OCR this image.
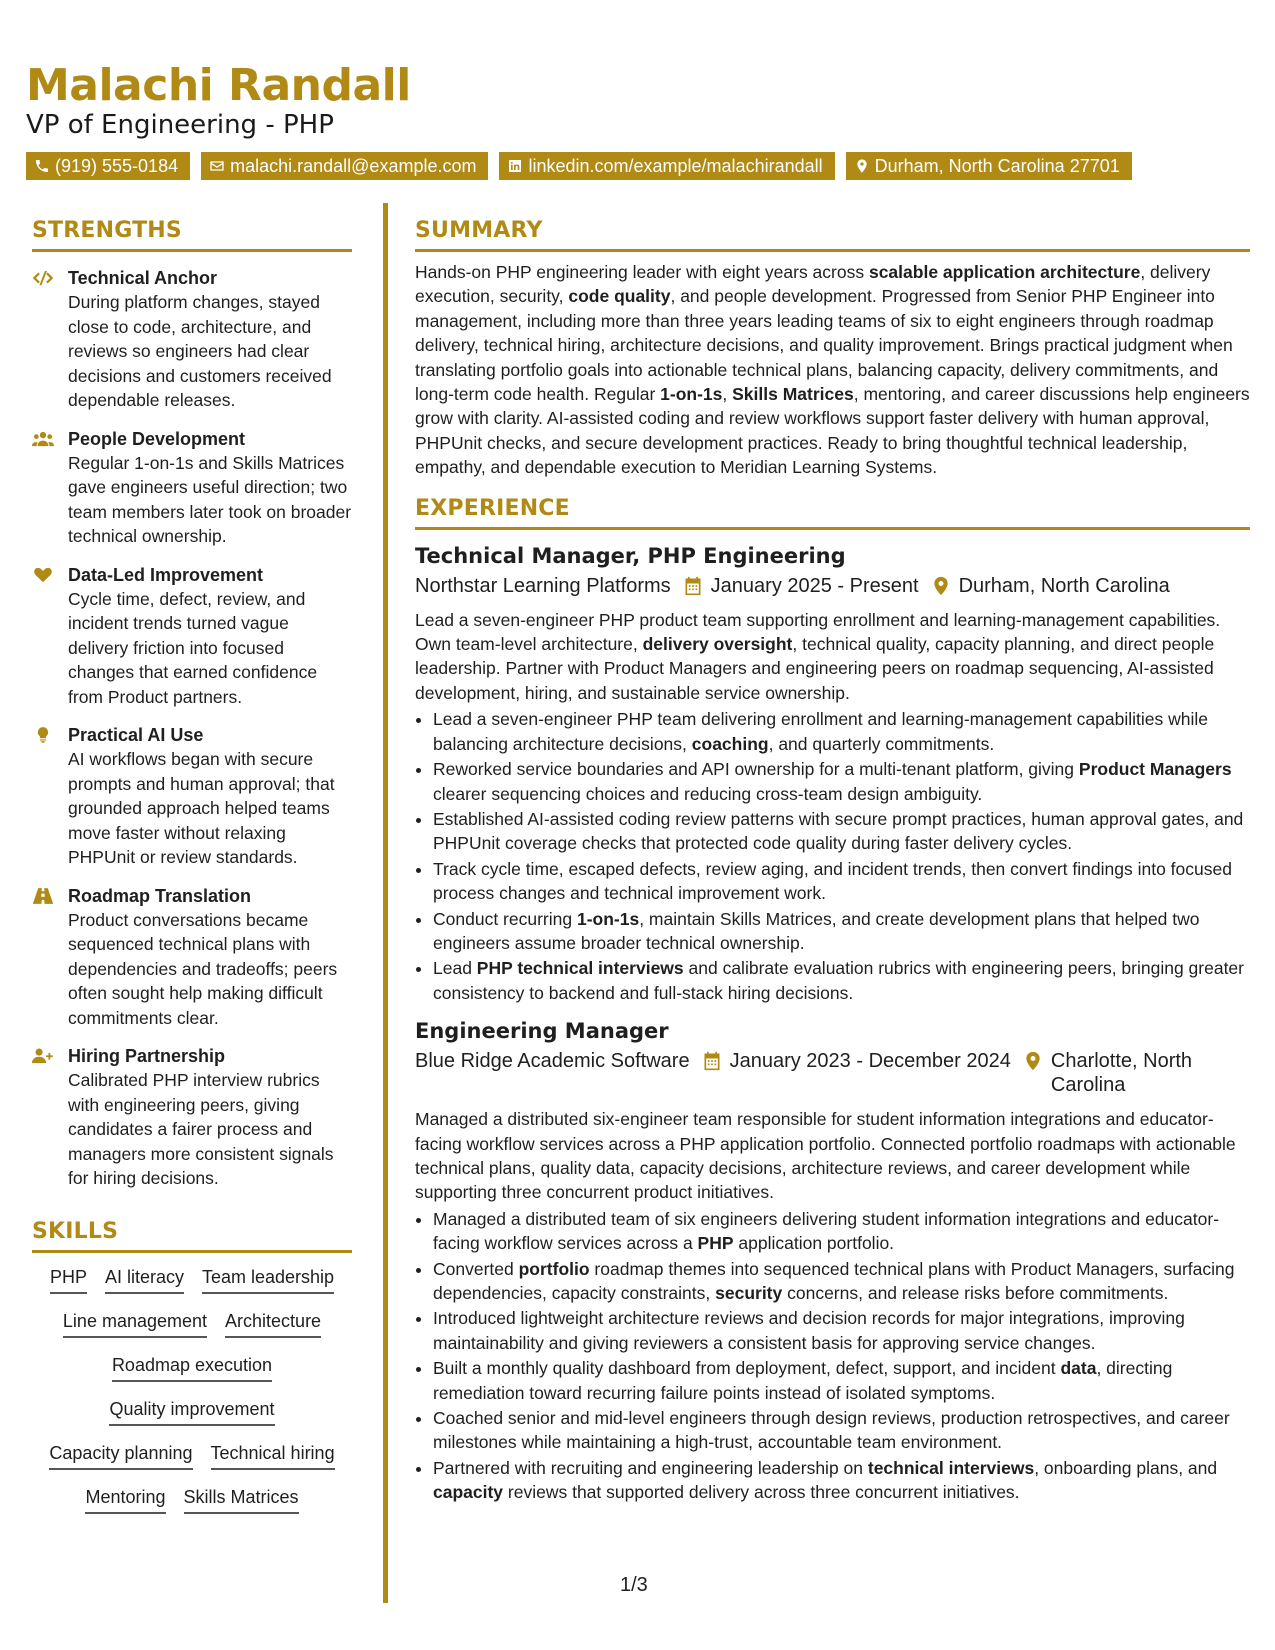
Malachi Randall
VP of Engineering - PHP
(919) 555-0184	malachi.randall@example.com	linkedin.com/example/malachirandall	Durham, North Carolina 27701
STRENGTHS
Technical Anchor
During platform changes, stayed close to code, architecture, and reviews so engineers had clear decisions and customers received dependable releases.
People Development
Regular 1-on-1s and Skills Matrices gave engineers useful direction; two team members later took on broader technical ownership.
Data-Led Improvement
Cycle time, defect, review, and incident trends turned vague delivery friction into focused changes that earned confidence from Product partners.
Practical AI Use
AI workflows began with secure prompts and human approval; that grounded approach helped teams move faster without relaxing PHPUnit or review standards.
Roadmap Translation
Product conversations became sequenced technical plans with dependencies and tradeoffs; peers often sought help making difficult commitments clear.
Hiring Partnership
Calibrated PHP interview rubrics with engineering peers, giving candidates a fairer process and managers more consistent signals for hiring decisions.
SKILLS
PHP AI literacy Team leadership
Line management Architecture
Roadmap execution
Quality improvement
Capacity planning Technical hiring
Mentoring Skills Matrices
SUMMARY
Hands-on PHP engineering leader with eight years across scalable application architecture, delivery execution, security, code quality, and people development. Progressed from Senior PHP Engineer into management, including more than three years leading teams of six to eight engineers through roadmap delivery, technical hiring, architecture decisions, and quality improvement. Brings practical judgment when translating portfolio goals into actionable technical plans, balancing capacity, delivery commitments, and long-term code health. Regular 1-on-1s, Skills Matrices, mentoring, and career discussions help engineers grow with clarity. AI-assisted coding and review workflows support faster delivery with human approval, PHPUnit checks, and secure development practices. Ready to bring thoughtful technical leadership, empathy, and dependable execution to Meridian Learning Systems.
EXPERIENCE
Technical Manager, PHP Engineering
Northstar Learning Platforms January 2025 - Present Durham, North Carolina
Lead a seven-engineer PHP product team supporting enrollment and learning-management capabilities. Own team-level architecture, delivery oversight, technical quality, capacity planning, and direct people leadership. Partner with Product Managers and engineering peers on roadmap sequencing, AI-assisted development, hiring, and sustainable service ownership.
• Lead a seven-engineer PHP team delivering enrollment and learning-management capabilities while balancing architecture decisions, coaching, and quarterly commitments.
• Reworked service boundaries and API ownership for a multi-tenant platform, giving Product Managers clearer sequencing choices and reducing cross-team design ambiguity.
• Established AI-assisted coding review patterns with secure prompt practices, human approval gates, and PHPUnit coverage checks that protected code quality during faster delivery cycles.
• Track cycle time, escaped defects, review aging, and incident trends, then convert findings into focused process changes and technical improvement work.
• Conduct recurring 1-on-1s, maintain Skills Matrices, and create development plans that helped two engineers assume broader technical ownership.
• Lead PHP technical interviews and calibrate evaluation rubrics with engineering peers, bringing greater consistency to backend and full-stack hiring decisions.
Engineering Manager
Blue Ridge Academic Software January 2023 - December 2024 Charlotte, North Carolina
Managed a distributed six-engineer team responsible for student information integrations and educator-facing workflow services across a PHP application portfolio. Connected portfolio roadmaps with actionable technical plans, quality data, capacity decisions, architecture reviews, and career development while supporting three concurrent product initiatives.
• Managed a distributed team of six engineers delivering student information integrations and educator-facing workflow services across a PHP application portfolio.
• Converted portfolio roadmap themes into sequenced technical plans with Product Managers, surfacing dependencies, capacity constraints, security concerns, and release risks before commitments.
• Introduced lightweight architecture reviews and decision records for major integrations, improving maintainability and giving reviewers a consistent basis for approving service changes.
• Built a monthly quality dashboard from deployment, defect, support, and incident data, directing remediation toward recurring failure points instead of isolated symptoms.
• Coached senior and mid-level engineers through design reviews, production retrospectives, and career milestones while maintaining a high-trust, accountable team environment.
• Partnered with recruiting and engineering leadership on technical interviews, onboarding plans, and capacity reviews that supported delivery across three concurrent initiatives.
1/3
